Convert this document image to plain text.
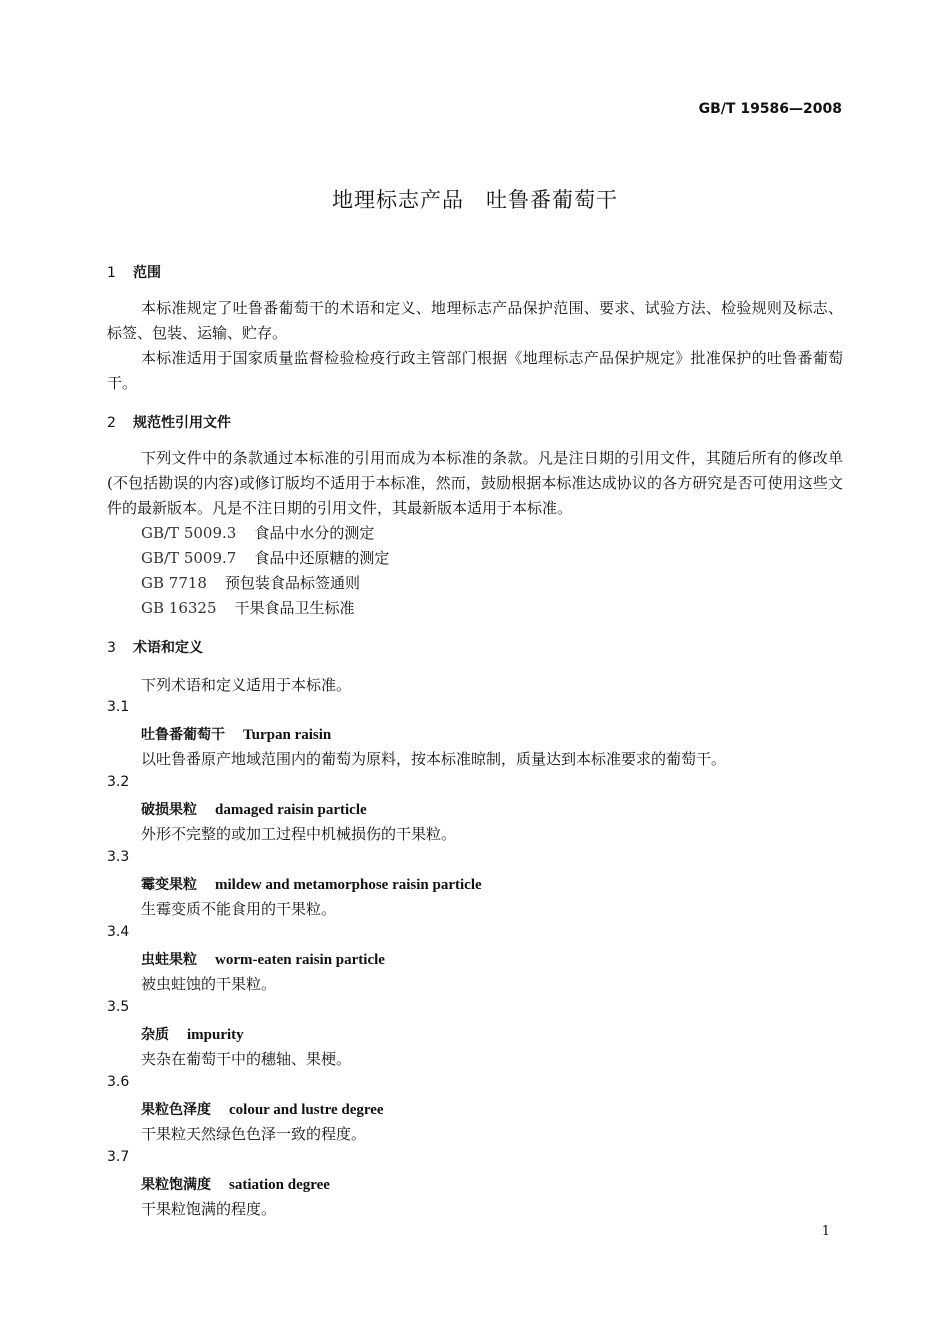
GB/T 19586—2008
地理标志产品　吐鲁番葡萄干
1 范围
本标准规定了吐鲁番葡萄干的术语和定义、地理标志产品保护范围、要求、试验方法、检验规则及标志、标签、包装、运输、贮存。
本标准适用于国家质量监督检验检疫行政主管部门根据《地理标志产品保护规定》批准保护的吐鲁番葡萄干。
2 规范性引用文件
下列文件中的条款通过本标准的引用而成为本标准的条款。凡是注日期的引用文件，其随后所有的修改单(不包括勘误的内容)或修订版均不适用于本标准，然而，鼓励根据本标准达成协议的各方研究是否可使用这些文件的最新版本。凡是不注日期的引用文件，其最新版本适用于本标准。
GB/T 5009.3 食品中水分的测定
GB/T 5009.7 食品中还原糖的测定
GB 7718 预包装食品标签通则
GB 16325 干果食品卫生标准
3 术语和定义
下列术语和定义适用于本标准。
3.1
吐鲁番葡萄干 Turpan raisin
以吐鲁番原产地域范围内的葡萄为原料，按本标准晾制，质量达到本标准要求的葡萄干。
3.2
破损果粒 damaged raisin particle
外形不完整的或加工过程中机械损伤的干果粒。
3.3
霉变果粒 mildew and metamorphose raisin particle
生霉变质不能食用的干果粒。
3.4
虫蛀果粒 worm-eaten raisin particle
被虫蛀蚀的干果粒。
3.5
杂质 impurity
夹杂在葡萄干中的穗轴、果梗。
3.6
果粒色泽度 colour and lustre degree
干果粒天然绿色色泽一致的程度。
3.7
果粒饱满度 satiation degree
干果粒饱满的程度。
1
